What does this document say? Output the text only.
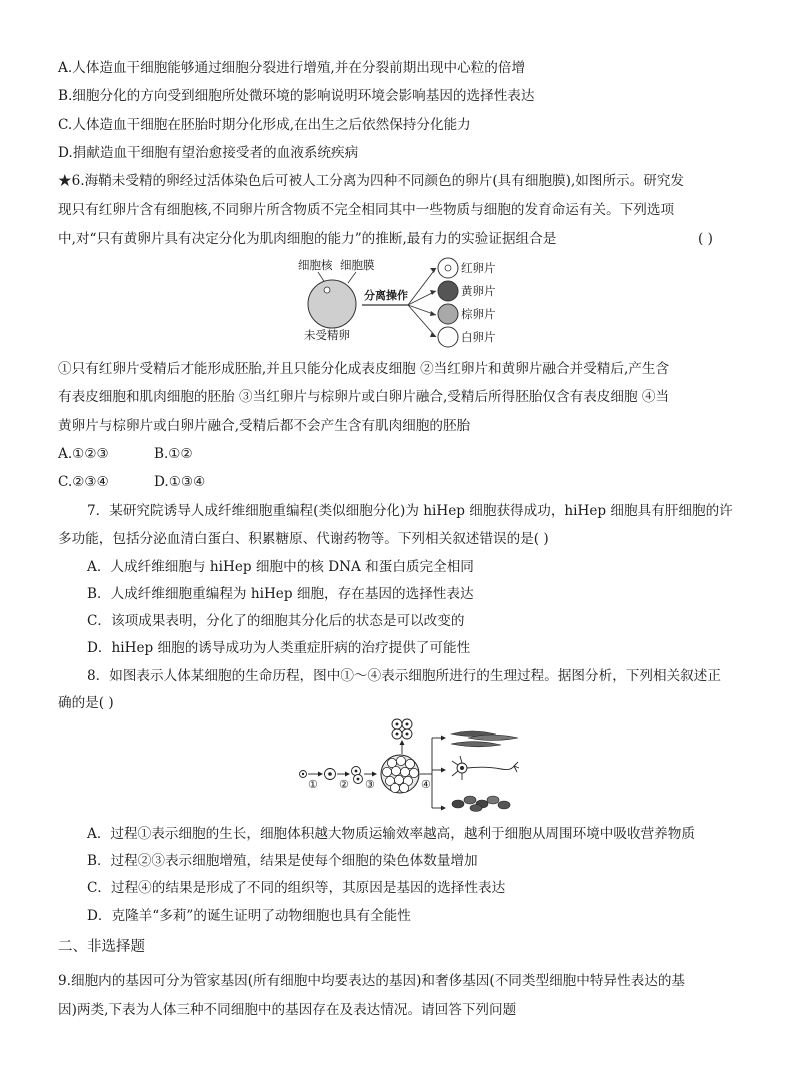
A.人体造血干细胞能够通过细胞分裂进行增殖,并在分裂前期出现中心粒的倍增
B.细胞分化的方向受到细胞所处微环境的影响说明环境会影响基因的选择性表达
C.人体造血干细胞在胚胎时期分化形成,在出生之后依然保持分化能力
D.捐献造血干细胞有望治愈接受者的血液系统疾病
★6.海鞘未受精的卵经过活体染色后可被人工分离为四种不同颜色的卵片(具有细胞膜),如图所示。研究发
现只有红卵片含有细胞核,不同卵片所含物质不完全相同其中一些物质与细胞的发育命运有关。下列选项
中,对“只有黄卵片具有决定分化为肌肉细胞的能力”的推断,最有力的实验证据组合是	( )
细胞核 细胞膜
未受精卵
分离操作
红卵片
黄卵片
棕卵片
白卵片
①只有红卵片受精后才能形成胚胎,并且只能分化成表皮细胞 ②当红卵片和黄卵片融合并受精后,产生含
有表皮细胞和肌肉细胞的胚胎 ③当红卵片与棕卵片或白卵片融合,受精后所得胚胎仅含有表皮细胞 ④当
黄卵片与棕卵片或白卵片融合,受精后都不会产生含有肌肉细胞的胚胎
A.①②③	B.①②
C.②③④	D.①③④
7．某研究院诱导人成纤维细胞重编程(类似细胞分化)为 hiHep 细胞获得成功，hiHep 细胞具有肝细胞的许
多功能，包括分泌血清白蛋白、积累糖原、代谢药物等。下列相关叙述错误的是( )
A．人成纤维细胞与 hiHep 细胞中的核 DNA 和蛋白质完全相同
B．人成纤维细胞重编程为 hiHep 细胞，存在基因的选择性表达
C．该项成果表明，分化了的细胞其分化后的状态是可以改变的
D．hiHep 细胞的诱导成功为人类重症肝病的治疗提供了可能性
8．如图表示人体某细胞的生命历程，图中①～④表示细胞所进行的生理过程。据图分析，下列相关叙述正
确的是( )
① ② ③	④
A．过程①表示细胞的生长，细胞体积越大物质运输效率越高，越利于细胞从周围环境中吸收营养物质
B．过程②③表示细胞增殖，结果是使每个细胞的染色体数量增加
C．过程④的结果是形成了不同的组织等，其原因是基因的选择性表达
D．克隆羊“多莉”的诞生证明了动物细胞也具有全能性
二、非选择题
9.细胞内的基因可分为管家基因(所有细胞中均要表达的基因)和奢侈基因(不同类型细胞中特异性表达的基
因)两类,下表为人体三种不同细胞中的基因存在及表达情况。请回答下列问题
